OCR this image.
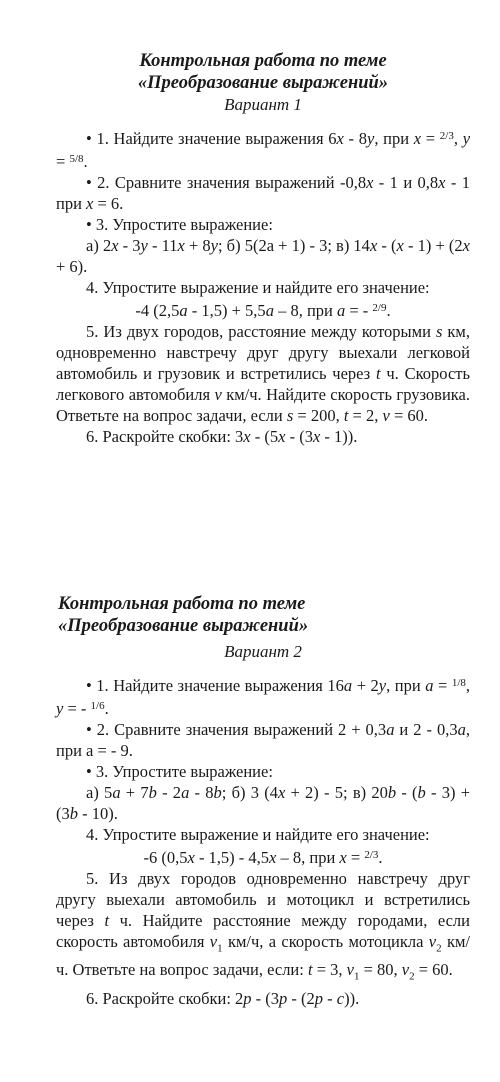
Контрольная работа по теме
«Преобразование выражений»
Вариант 1

• 1. Найдите значение выражения 6x - 8y, при x = $^{2/3}$, y = $^{5/8}$.

• 2. Сравните значения выражений -0,8x - 1 и 0,8x - 1 при x = 6.

• 3. Упростите выражение:

а) 2x - 3y - 11x + 8y; б) 5(2а + 1) - 3; в) 14x - (x - 1) + (2x + 6).

4. Упростите выражение и найдите его значение:

-4 (2,5a - 1,5) + 5,5a – 8, при a = - $^{2/9}$.

5. Из двух городов, расстояние между которыми s км, одновременно навстречу друг другу выехали легковой автомобиль и грузовик и встретились через t ч. Скорость легкового автомобиля v км/ч. Найдите скорость грузовика. Ответьте на вопрос задачи, если s = 200, t = 2, v = 60.

6. Раскройте скобки: 3x - (5x - (3x - 1)).

Контрольная работа по теме
«Преобразование выражений»
Вариант 2

• 1. Найдите значение выражения 16a + 2y, при a = $^{1/8}$, y = - $^{1/6}$.

• 2. Сравните значения выражений 2 + 0,3a и 2 - 0,3a, при а = - 9.

• 3. Упростите выражение:

а) 5a + 7b - 2a - 8b; б) 3 (4x + 2) - 5; в) 20b - (b - 3) + (3b - 10).

4. Упростите выражение и найдите его значение:

-6 (0,5x - 1,5) - 4,5x – 8, при x = $^{2/3}$.

5. Из двух городов одновременно навстречу друг другу выехали автомобиль и мотоцикл и встретились через t ч. Найдите расстояние между городами, если скорость автомобиля $v_1$ км/ч, а скорость мотоцикла $v_2$ км/ч. Ответьте на вопрос задачи, если: t = 3, $v_1 = 80$, $v_2 = 60$.

6. Раскройте скобки: 2p - (3p - (2p - c)).
